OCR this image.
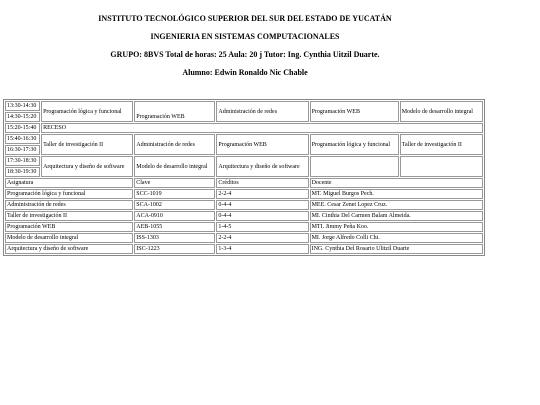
INSTITUTO TECNOLÓGICO SUPERIOR DEL SUR DEL ESTADO DE YUCATÁN
INGENIERIA EN SISTEMAS COMPUTACIONALES
GRUPO: 8BVS Total de horas: 25 Aula: 20 j Tutor: Ing. Cynthia Uitzil Duarte.
Alumno: Edwin Ronaldo Nic Chable
13:30-14:30	Programación lógica y funcional	Programación WEB	Administración de redes	Programación WEB	Modelo de desarrollo integral
14:30-15:20					
15:20-15:40	RECESO				
15:40-16:30	Taller de investigación II	Administración de redes	Programación WEB	Programación lógica y funcional	Taller de investigación II
16:30-17:30					
17:30-18:30	Arquitectura y diseño de software	Modelo de desarrollo integral	Arquitectura y diseño de software		
18:30-19:30					
Asignatura		Clave	Créditos	Docente	
Programación lógica y funcional		SCC-1019	2-2-4	MT. Miguel Burgos Pech.	
Administración de redes		SCA-1002	0-4-4	MEE. Cesar Zenet Lopez Cruz.	
Taller de investigación II		ACA-0910	0-4-4	MI. Cinthia Del Carmen Balam Almeida.	
Programación WEB		AEB-1055	1-4-5	MTI. Jimmy Peña Koo.	
Modelo de desarrollo integral		ISS-1303	2-2-4	MI. Jorge Alfredo Colli Chi.	
Arquitectura y diseño de software		ISC-1223	1-3-4	ING. Cynthia Del Rosario Ulitzil Duarte	
